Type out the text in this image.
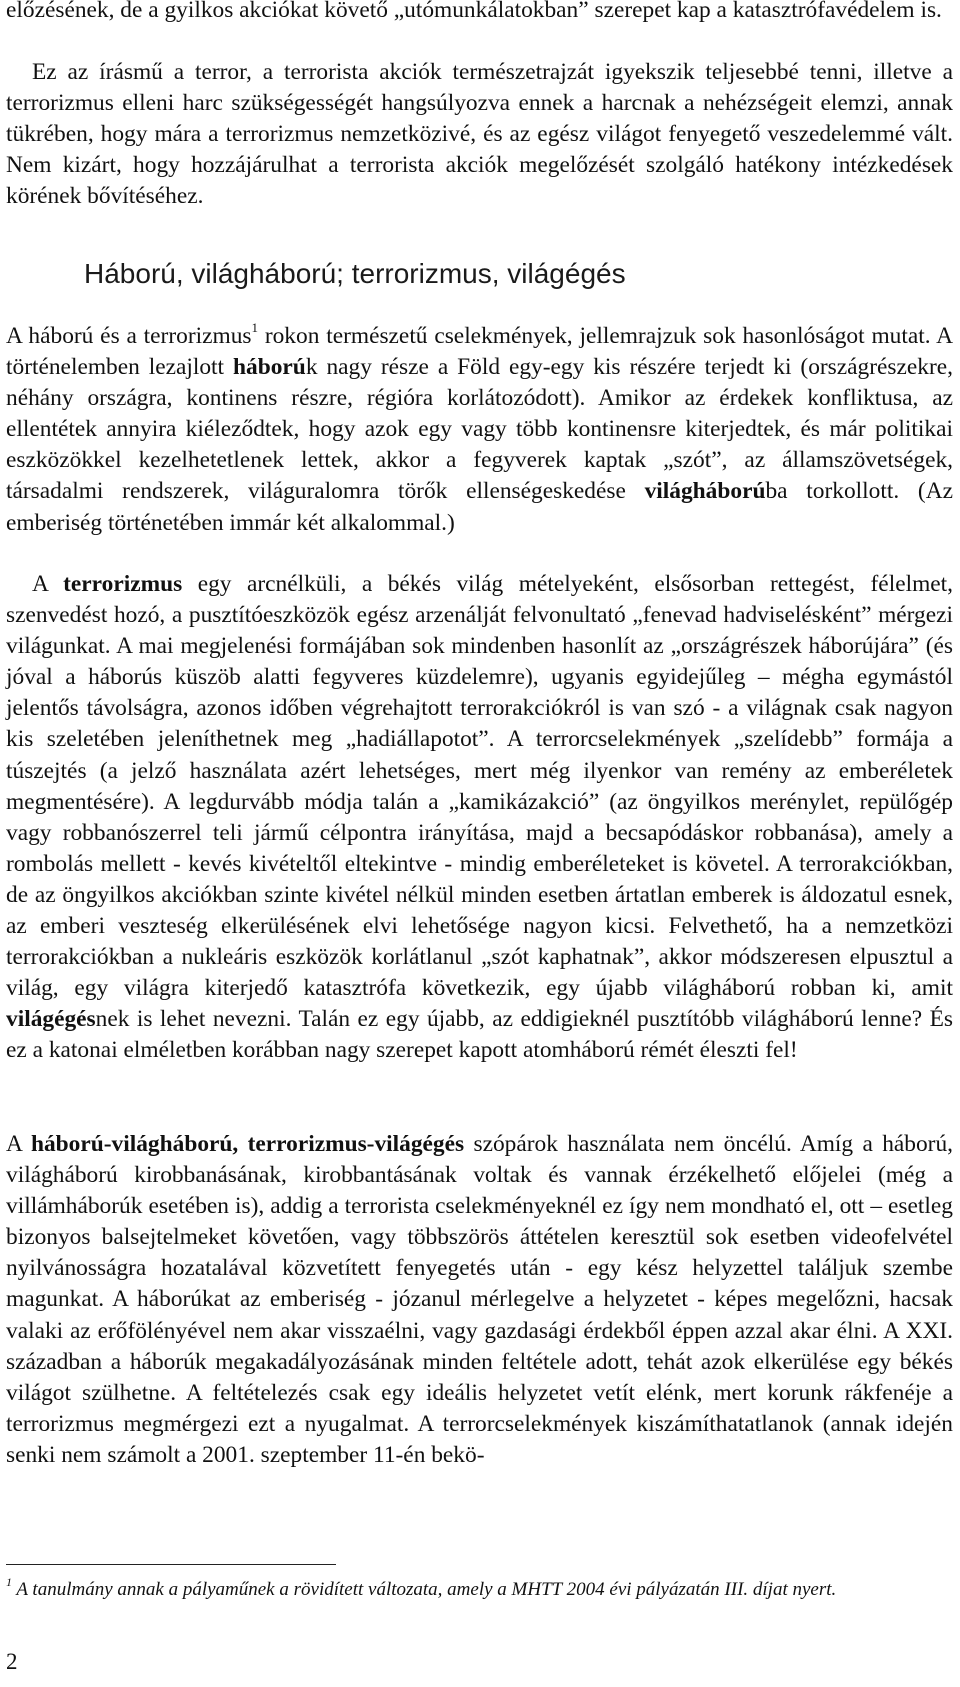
előzésének, de a gyilkos akciókat követő „utómunkálatokban” szerepet kap a katasztrófavédelem is.

Ez az írásmű a terror, a terrorista akciók természetrajzát igyekszik teljesebbé tenni, illetve a terrorizmus elleni harc szükségességét hangsúlyozva ennek a harcnak a nehézségeit elemzi, annak tükrében, hogy mára a terrorizmus nemzetközivé, és az egész világot fenyegető veszedelemmé vált. Nem kizárt, hogy hozzájárulhat a terrorista akciók megelőzését szolgáló hatékony intézkedések körének bővítéséhez.

Háború, világháború; terrorizmus, világégés

A háború és a terrorizmus$^1$ rokon természetű cselekmények, jellemrajzuk sok hasonlóságot mutat. A történelemben lezajlott háborúk nagy része a Föld egy-egy kis részére terjedt ki (országrészekre, néhány országra, kontinens részre, régióra korlátozódott). Amikor az érdekek konfliktusa, az ellentétek annyira kiéleződtek, hogy azok egy vagy több kontinensre kiterjedtek, és már politikai eszközökkel kezelhetetlenek lettek, akkor a fegyverek kaptak „szót”, az államszövetségek, társadalmi rendszerek, világuralomra törők ellenségeskedése világháborúba torkollott. (Az emberiség történetében immár két alkalommal.)

A terrorizmus egy arcnélküli, a békés világ mételyeként, elsősorban rettegést, félelmet, szenvedést hozó, a pusztítóeszközök egész arzenálját felvonultató „fenevad hadviselésként” mérgezi világunkat. A mai megjelenési formájában sok mindenben hasonlít az „országrészek háborújára” (és jóval a háborús küszöb alatti fegyveres küzdelemre), ugyanis egyidejűleg – mégha egymástól jelentős távolságra, azonos időben végrehajtott terrorakciókról is van szó - a világnak csak nagyon kis szeletében jeleníthetnek meg „hadiállapotot”. A terrorcselekmények „szelídebb” formája a túszejtés (a jelző használata azért lehetséges, mert még ilyenkor van remény az emberéletek megmentésére). A legdurvább módja talán a „kamikázakció” (az öngyilkos merénylet, repülőgép vagy robbanószerrel teli jármű célpontra irányítása, majd a becsapódáskor robbanása), amely a rombolás mellett - kevés kivételtől eltekintve - mindig emberéleteket is követel. A terrorakciókban, de az öngyilkos akciókban szinte kivétel nélkül minden esetben ártatlan emberek is áldozatul esnek, az emberi veszteség elkerülésének elvi lehetősége nagyon kicsi. Felvethető, ha a nemzetközi terrorakciókban a nukleáris eszközök korlátlanul „szót kaphatnak”, akkor módszeresen elpusztul a világ, egy világra kiterjedő katasztrófa következik, egy újabb világháború robban ki, amit világégésnek is lehet nevezni. Talán ez egy újabb, az eddigieknél pusztítóbb világháború lenne? És ez a katonai elméletben korábban nagy szerepet kapott atomháború rémét éleszti fel!

A háború-világháború, terrorizmus-világégés szópárok használata nem öncélú. Amíg a háború, világháború kirobbanásának, kirobbantásának voltak és vannak érzékelhető előjelei (még a villámháborúk esetében is), addig a terrorista cselekményeknél ez így nem mondható el, ott – esetleg bizonyos balsejtelmeket követően, vagy többszörös áttételen keresztül sok esetben videofelvétel nyilvánosságra hozatalával közvetített fenyegetés után - egy kész helyzettel találjuk szembe magunkat. A háborúkat az emberiség - józanul mérlegelve a helyzetet - képes megelőzni, hacsak valaki az erőfölényével nem akar visszaélni, vagy gazdasági érdekből éppen azzal akar élni. A XXI. században a háborúk megakadályozásának minden feltétele adott, tehát azok elkerülése egy békés világot szülhetne. A feltételezés csak egy ideális helyzetet vetít elénk, mert korunk rákfenéje a terrorizmus megmérgezi ezt a nyugalmat. A terrorcselekmények kiszámíthatatlanok (annak idején senki nem számolt a 2001. szeptember 11-én bekö-

$^1$ A tanulmány annak a pályaműnek a rövidített változata, amely a MHTT 2004 évi pályázatán III. díjat nyert.

2
